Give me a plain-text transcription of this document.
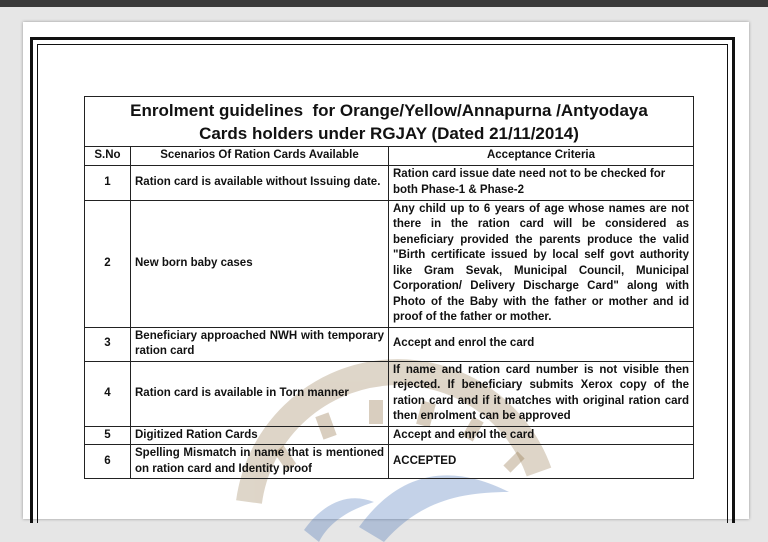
Enrolment guidelines  for Orange/Yellow/Annapurna /Antyodaya
Cards holders under RGJAY (Dated 21/11/2014)		
S.No	Scenarios Of Ration Cards Available	Acceptance Criteria
1	Ration card is available without Issuing date.	Ration card issue date need not to be checked for both Phase-1 & Phase-2
2	New born baby cases	Any child up to 6 years of age whose names are not there in the ration card will be considered as beneficiary provided the parents produce the valid "Birth certificate issued by local self govt authority like Gram Sevak, Municipal Council, Municipal Corporation/ Delivery Discharge Card" along with Photo of the Baby with the father or mother and id proof of the father or mother.
3	Beneficiary approached NWH with temporary ration card	Accept and enrol the card
4	Ration card is available in Torn manner	If name and ration card number is not visible then rejected. If beneficiary submits Xerox copy of the ration card and if it matches with original ration card then enrolment can be approved
5	Digitized Ration Cards	Accept and enrol the card
6	Spelling Mismatch in name that is mentioned on ration card and Identity proof	ACCEPTED
